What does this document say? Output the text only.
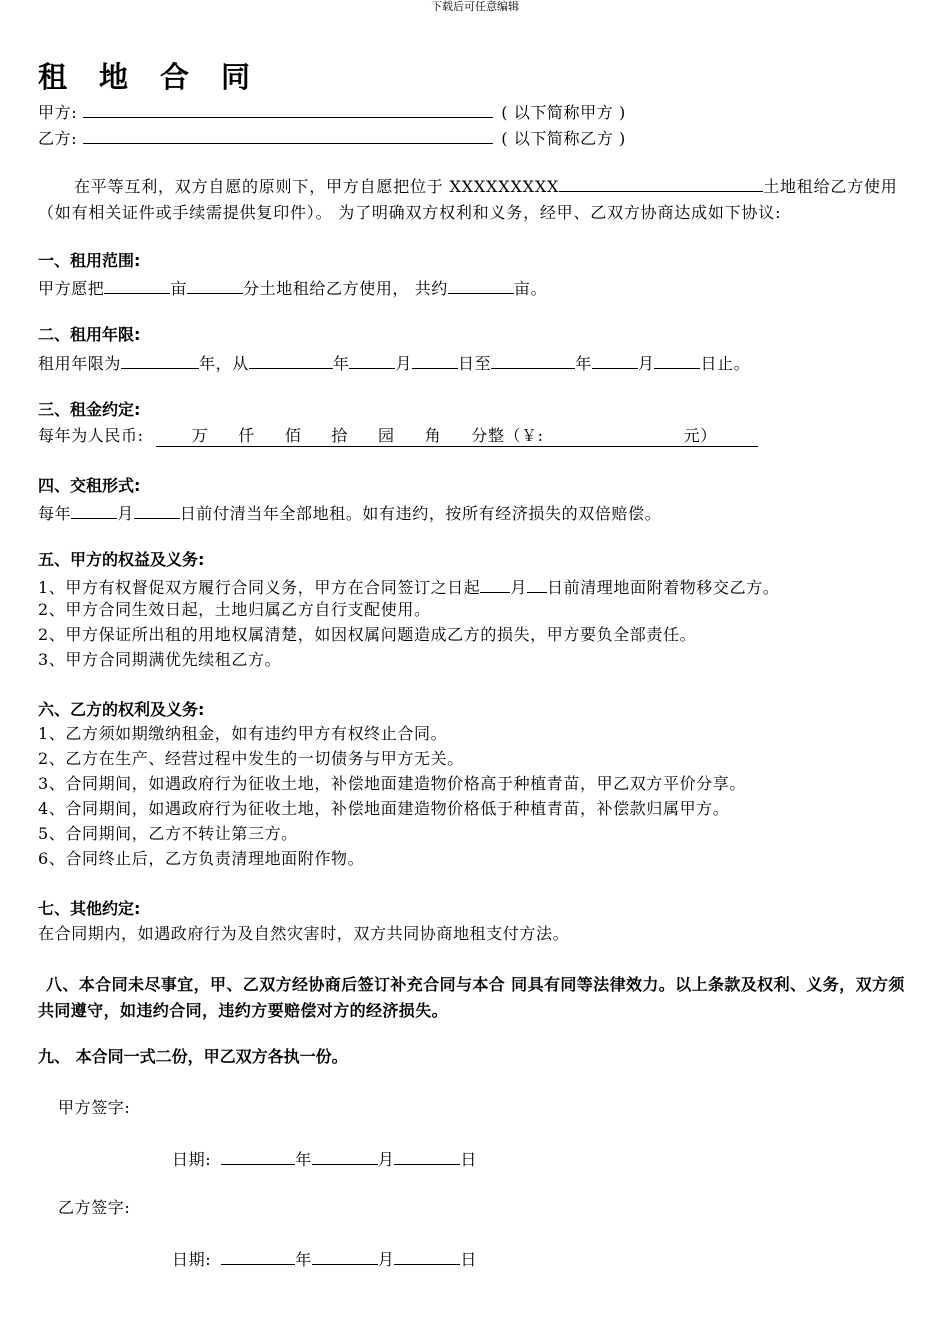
下载后可任意编辑
租地合同
甲方:	( 以下简称甲方 )
乙方:	( 以下简称乙方 )
在平等互利，双方自愿的原则下，甲方自愿把位于 XXXXXXXXX	土地租给乙方使用（如有相关证件或手续需提供复印件）。 为了明确双方权利和义务，经甲、乙双方协商达成如下协议:
一、租用范围:
甲方愿把	亩	分土地租给乙方使用， 共约	亩。
二、租用年限:
租用年限为	年，从	年	月	日至	年	月	日止。
三、租金约定:
每年为人民币:	万 仟 佰 拾 园 角 分整（￥:	元）
四、交租形式:
每年	月	日前付清当年全部地租。如有违约，按所有经济损失的双倍赔偿。
五、甲方的权益及义务:
1、甲方有权督促双方履行合同义务，甲方在合同签订之日起 月 日前清理地面附着物移交乙方。
2、甲方合同生效日起，土地归属乙方自行支配使用。
2、甲方保证所出租的用地权属清楚，如因权属问题造成乙方的损失，甲方要负全部责任。
3、甲方合同期满优先续租乙方。
六、乙方的权利及义务:
1、乙方须如期缴纳租金，如有违约甲方有权终止合同。
2、乙方在生产、经营过程中发生的一切债务与甲方无关。
3、合同期间，如遇政府行为征收土地，补偿地面建造物价格高于种植青苗，甲乙双方平价分享。
4、合同期间，如遇政府行为征收土地，补偿地面建造物价格低于种植青苗，补偿款归属甲方。
5、合同期间，乙方不转让第三方。
6、合同终止后，乙方负责清理地面附作物。
七、其他约定:
在合同期内，如遇政府行为及自然灾害时，双方共同协商地租支付方法。
八、本合同未尽事宜，甲、乙双方经协商后签订补充合同与本合 同具有同等法律效力。以上条款及权利、义务，双方须共同遵守，如违约合同，违约方要赔偿对方的经济损失。
九、 本合同一式二份，甲乙双方各执一份。
甲方签字:
日期:	年	月	日
乙方签字:
日期:	年	月	日
